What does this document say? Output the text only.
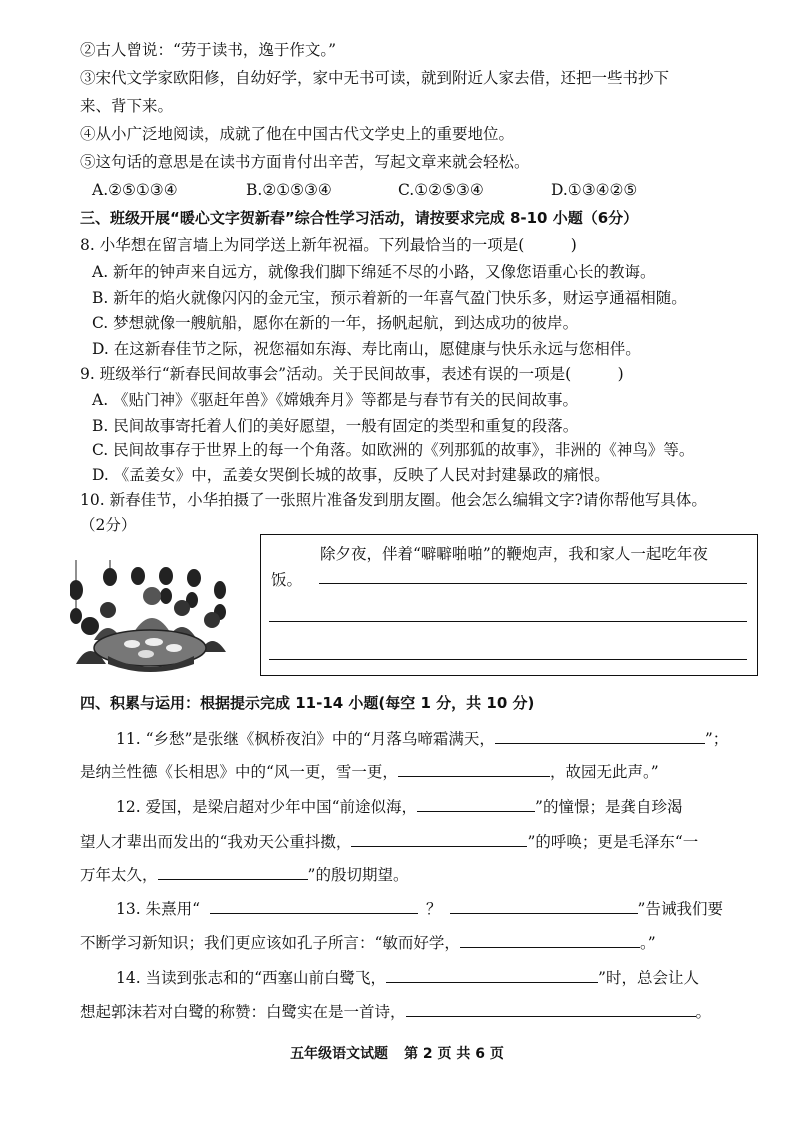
②古人曾说：“劳于读书，逸于作文。”
③宋代文学家欧阳修，自幼好学，家中无书可读，就到附近人家去借，还把一些书抄下
来、背下来。
④从小广泛地阅读，成就了他在中国古代文学史上的重要地位。
⑤这句话的意思是在读书方面肯付出辛苦，写起文章来就会轻松。
A.②⑤①③④	B.②①⑤③④	C.①②⑤③④	D.①③④②⑤
三、班级开展“暖心文字贺新春”综合性学习活动，请按要求完成 8-10 小题（6分）
8. 小华想在留言墙上为同学送上新年祝福。下列最恰当的一项是(　　　)
A. 新年的钟声来自远方，就像我们脚下绵延不尽的小路，又像您语重心长的教诲。
B. 新年的焰火就像闪闪的金元宝，预示着新的一年喜气盈门快乐多，财运亨通福相随。
C. 梦想就像一艘航船，愿你在新的一年，扬帆起航，到达成功的彼岸。
D. 在这新春佳节之际，祝您福如东海、寿比南山，愿健康与快乐永远与您相伴。
9. 班级举行“新春民间故事会”活动。关于民间故事，表述有误的一项是(　　　)
A. 《贴门神》《驱赶年兽》《嫦娥奔月》等都是与春节有关的民间故事。
B. 民间故事寄托着人们的美好愿望，一般有固定的类型和重复的段落。
C. 民间故事存于世界上的每一个角落。如欧洲的《列那狐的故事》，非洲的《神鸟》等。
D. 《孟姜女》中，孟姜女哭倒长城的故事，反映了人民对封建暴政的痛恨。
10. 新春佳节，小华拍摄了一张照片准备发到朋友圈。他会怎么编辑文字?请你帮他写具体。
（2分）
除夕夜，伴着“噼噼啪啪”的鞭炮声，我和家人一起吃年夜
饭。
四、积累与运用：根据提示完成 11-14 小题(每空 1 分，共 10 分)
11. “乡愁”是张继《枫桥夜泊》中的“月落乌啼霜满天，	”；
是纳兰性德《长相思》中的“风一更，雪一更，	，故园无此声。”
12. 爱国，是梁启超对少年中国“前途似海，	”的憧憬；是龚自珍渴
望人才辈出而发出的“我劝天公重抖擞，	”的呼唤；更是毛泽东“一
万年太久，	”的殷切期望。
13. 朱熹用“	？	”告诫我们要
不断学习新知识；我们更应该如孔子所言：“敏而好学，	。”
14. 当读到张志和的“西塞山前白鹭飞，	”时，总会让人
想起郭沫若对白鹭的称赞：白鹭实在是一首诗，	。
五年级语文试题 第 2 页 共 6 页
